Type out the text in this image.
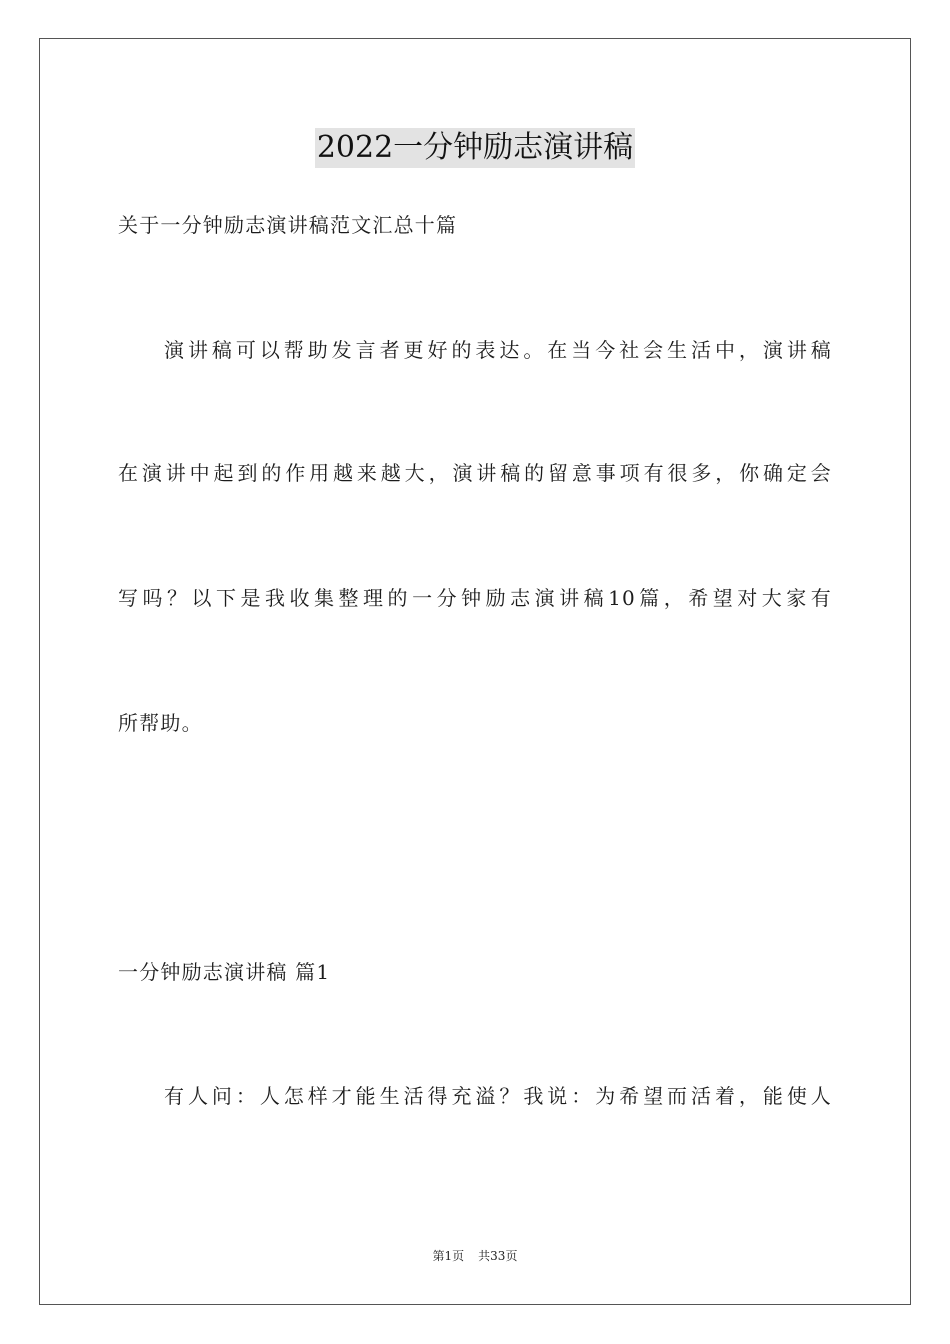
2022一分钟励志演讲稿
关于一分钟励志演讲稿范文汇总十篇
演讲稿可以帮助发言者更好的表达。在当今社会生活中，演讲稿
在演讲中起到的作用越来越大，演讲稿的留意事项有很多，你确定会
写吗？以下是我收集整理的一分钟励志演讲稿10篇，希望对大家有
所帮助。
一分钟励志演讲稿 篇1
有人问：人怎样才能生活得充溢？我说：为希望而活着，能使人
第1页 共33页
